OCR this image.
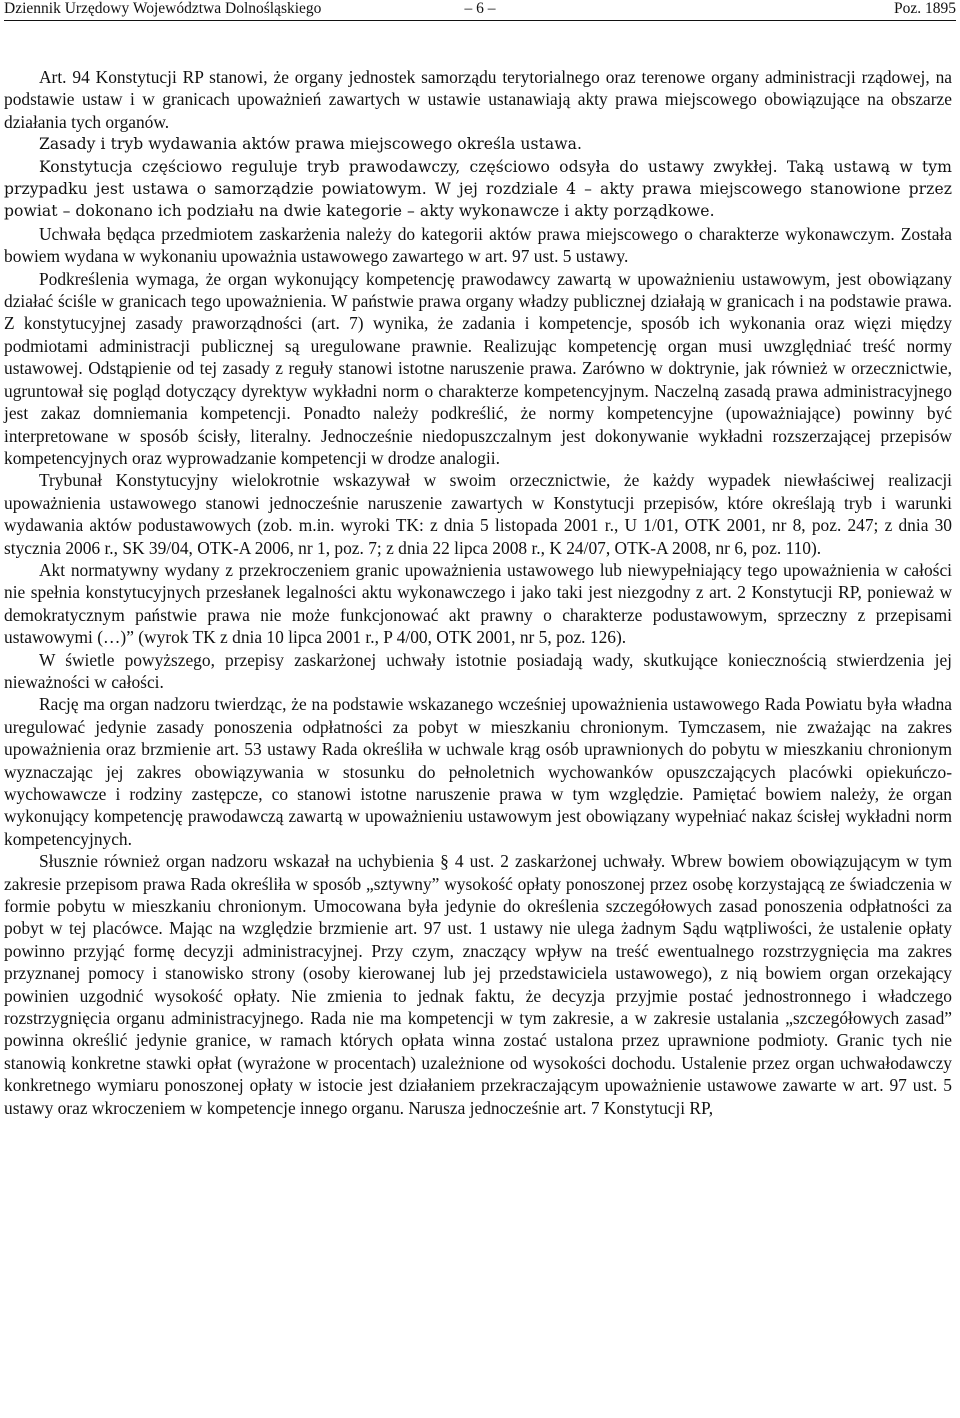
Dziennik Urzędowy Województwa Dolnośląskiego	– 6 –	Poz. 1895

Art. 94 Konstytucji RP stanowi, że organy jednostek samorządu terytorialnego oraz terenowe organy administracji rządowej, na podstawie ustaw i w granicach upoważnień zawartych w ustawie ustanawiają akty prawa miejscowego obowiązujące na obszarze działania tych organów.

Zasady i tryb wydawania aktów prawa miejscowego określa ustawa.

Konstytucja częściowo reguluje tryb prawodawczy, częściowo odsyła do ustawy zwykłej. Taką ustawą w tym przypadku jest ustawa o samorządzie powiatowym. W jej rozdziale 4 – akty prawa miejscowego stanowione przez powiat – dokonano ich podziału na dwie kategorie – akty wykonawcze i akty porządkowe.

Uchwała będąca przedmiotem zaskarżenia należy do kategorii aktów prawa miejscowego o charakterze wykonawczym. Została bowiem wydana w wykonaniu upoważnia ustawowego zawartego w art. 97 ust. 5 ustawy.

Podkreślenia wymaga, że organ wykonujący kompetencję prawodawcy zawartą w upoważnieniu ustawowym, jest obowiązany działać ściśle w granicach tego upoważnienia. W państwie prawa organy władzy publicznej działają w granicach i na podstawie prawa. Z konstytucyjnej zasady praworządności (art. 7) wynika, że zadania i kompetencje, sposób ich wykonania oraz więzi między podmiotami administracji publicznej są uregulowane prawnie. Realizując kompetencję organ musi uwzględniać treść normy ustawowej. Odstąpienie od tej zasady z reguły stanowi istotne naruszenie prawa. Zarówno w doktrynie, jak również w orzecznictwie, ugruntował się pogląd dotyczący dyrektyw wykładni norm o charakterze kompetencyjnym. Naczelną zasadą prawa administracyjnego jest zakaz domniemania kompetencji. Ponadto należy podkreślić, że normy kompetencyjne (upoważniające) powinny być interpretowane w sposób ścisły, literalny. Jednocześnie niedopuszczalnym jest dokonywanie wykładni rozszerzającej przepisów kompetencyjnych oraz wyprowadzanie kompetencji w drodze analogii.

Trybunał Konstytucyjny wielokrotnie wskazywał w swoim orzecznictwie, że każdy wypadek niewłaściwej realizacji upoważnienia ustawowego stanowi jednocześnie naruszenie zawartych w Konstytucji przepisów, które określają tryb i warunki wydawania aktów podustawowych (zob. m.in. wyroki TK: z dnia 5 listopada 2001 r., U 1/01, OTK 2001, nr 8, poz. 247; z dnia 30 stycznia 2006 r., SK 39/04, OTK-A 2006, nr 1, poz. 7; z dnia 22 lipca 2008 r., K 24/07, OTK-A 2008, nr 6, poz. 110).

Akt normatywny wydany z przekroczeniem granic upoważnienia ustawowego lub niewypełniający tego upoważnienia w całości nie spełnia konstytucyjnych przesłanek legalności aktu wykonawczego i jako taki jest niezgodny z art. 2 Konstytucji RP, ponieważ w demokratycznym państwie prawa nie może funkcjonować akt prawny o charakterze podustawowym, sprzeczny z przepisami ustawowymi (…)” (wyrok TK z dnia 10 lipca 2001 r., P 4/00, OTK 2001, nr 5, poz. 126).

W świetle powyższego, przepisy zaskarżonej uchwały istotnie posiadają wady, skutkujące koniecznością stwierdzenia jej nieważności w całości.

Rację ma organ nadzoru twierdząc, że na podstawie wskazanego wcześniej upoważnienia ustawowego Rada Powiatu była władna uregulować jedynie zasady ponoszenia odpłatności za pobyt w mieszkaniu chronionym. Tymczasem, nie zważając na zakres upoważnienia oraz brzmienie art. 53 ustawy Rada określiła w uchwale krąg osób uprawnionych do pobytu w mieszkaniu chronionym wyznaczając jej zakres obowiązywania w stosunku do pełnoletnich wychowanków opuszczających placówki opiekuńczo-wychowawcze i rodziny zastępcze, co stanowi istotne naruszenie prawa w tym względzie. Pamiętać bowiem należy, że organ wykonujący kompetencję prawodawczą zawartą w upoważnieniu ustawowym jest obowiązany wypełniać nakaz ścisłej wykładni norm kompetencyjnych.

Słusznie również organ nadzoru wskazał na uchybienia § 4 ust. 2 zaskarżonej uchwały. Wbrew bowiem obowiązującym w tym zakresie przepisom prawa Rada określiła w sposób „sztywny” wysokość opłaty ponoszonej przez osobę korzystającą ze świadczenia w formie pobytu w mieszkaniu chronionym. Umocowana była jedynie do określenia szczegółowych zasad ponoszenia odpłatności za pobyt w tej placówce. Mając na względzie brzmienie art. 97 ust. 1 ustawy nie ulega żadnym Sądu wątpliwości, że ustalenie opłaty powinno przyjąć formę decyzji administracyjnej. Przy czym, znaczący wpływ na treść ewentualnego rozstrzygnięcia ma zakres przyznanej pomocy i stanowisko strony (osoby kierowanej lub jej przedstawiciela ustawowego), z nią bowiem organ orzekający powinien uzgodnić wysokość opłaty. Nie zmienia to jednak faktu, że decyzja przyjmie postać jednostronnego i władczego rozstrzygnięcia organu administracyjnego. Rada nie ma kompetencji w tym zakresie, a w zakresie ustalania „szczegółowych zasad” powinna określić jedynie granice, w ramach których opłata winna zostać ustalona przez uprawnione podmioty. Granic tych nie stanowią konkretne stawki opłat (wyrażone w procentach) uzależnione od wysokości dochodu. Ustalenie przez organ uchwałodawczy konkretnego wymiaru ponoszonej opłaty w istocie jest działaniem przekraczającym upoważnienie ustawowe zawarte w art. 97 ust. 5 ustawy oraz wkroczeniem w kompetencje innego organu. Narusza jednocześnie art. 7 Konstytucji RP,
